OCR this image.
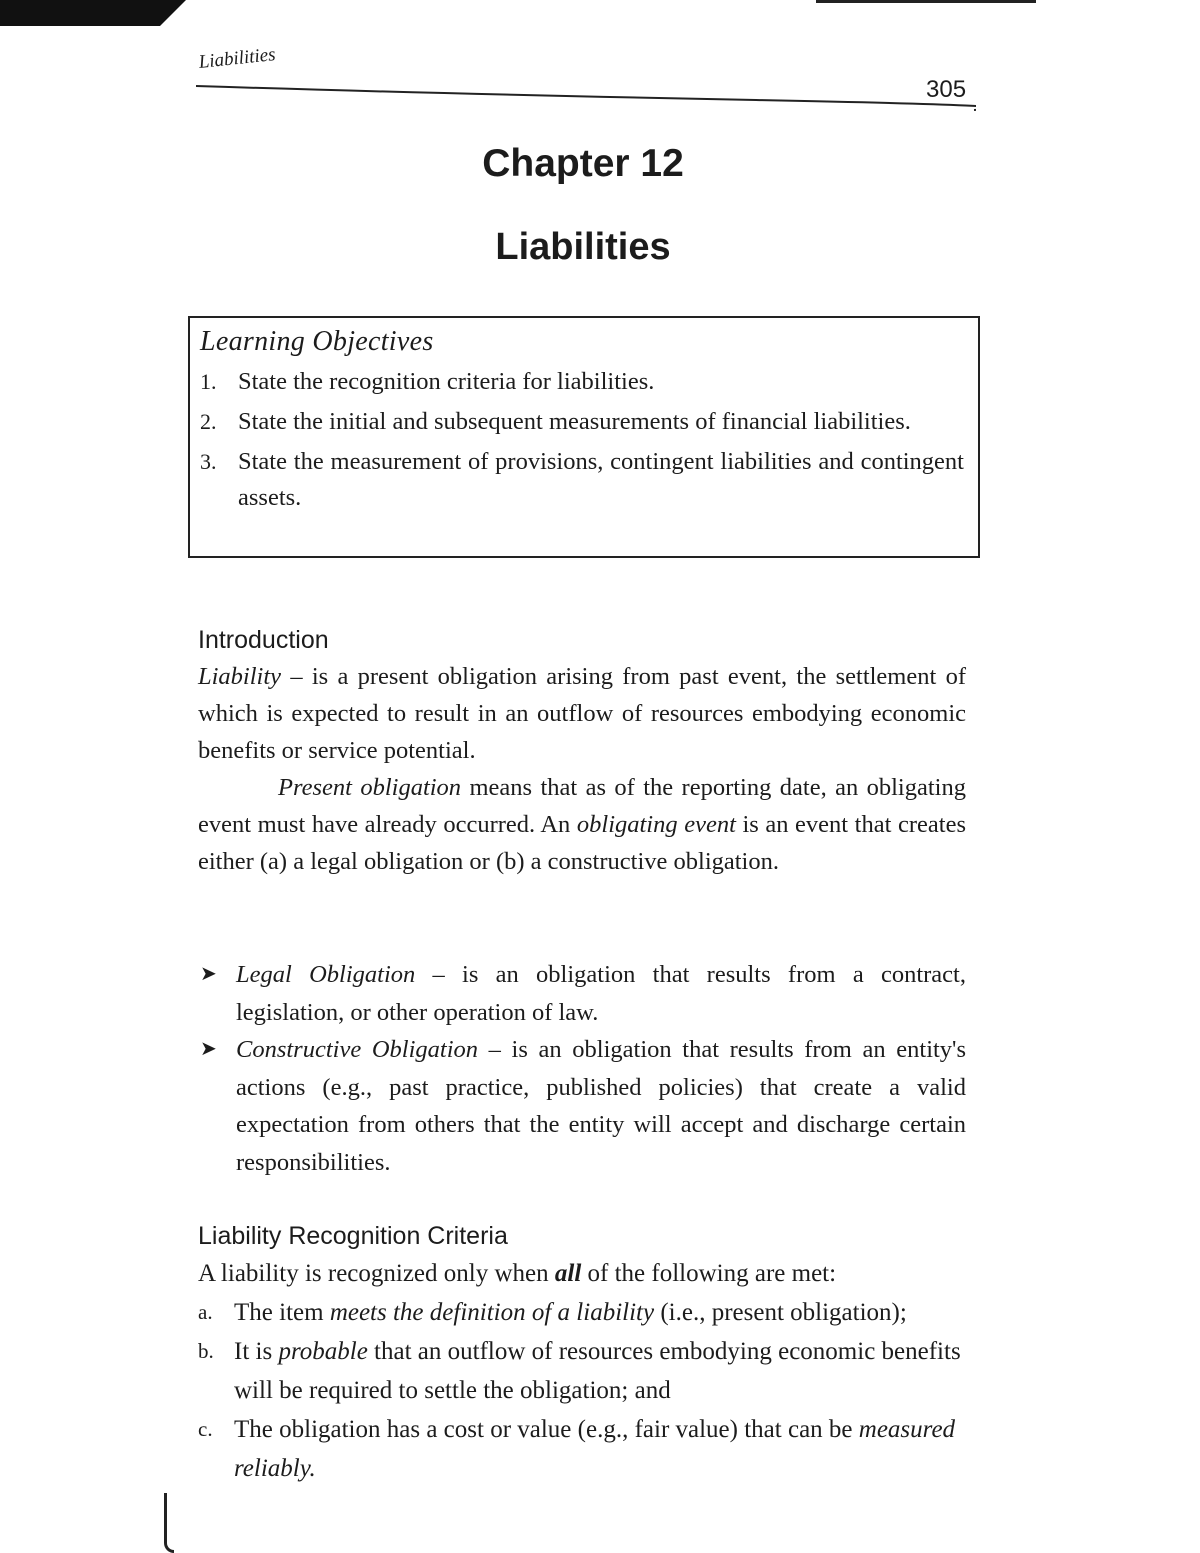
Liabilities
305
Chapter 12
Liabilities
Learning Objectives
1. State the recognition criteria for liabilities.
2. State the initial and subsequent measurements of financial liabilities.
3. State the measurement of provisions, contingent liabilities and contingent assets.
Introduction

Liability – is a present obligation arising from past event, the settlement of which is expected to result in an outflow of resources embodying economic benefits or service potential.

Present obligation means that as of the reporting date, an obligating event must have already occurred. An obligating event is an event that creates either (a) a legal obligation or (b) a constructive obligation.

➤ Legal Obligation – is an obligation that results from a contract, legislation, or other operation of law.
➤ Constructive Obligation – is an obligation that results from an entity's actions (e.g., past practice, published policies) that create a valid expectation from others that the entity will accept and discharge certain responsibilities.
Liability Recognition Criteria

A liability is recognized only when all of the following are met:

a. The item meets the definition of a liability (i.e., present obligation);
b. It is probable that an outflow of resources embodying economic benefits will be required to settle the obligation; and
c. The obligation has a cost or value (e.g., fair value) that can be measured reliably.
